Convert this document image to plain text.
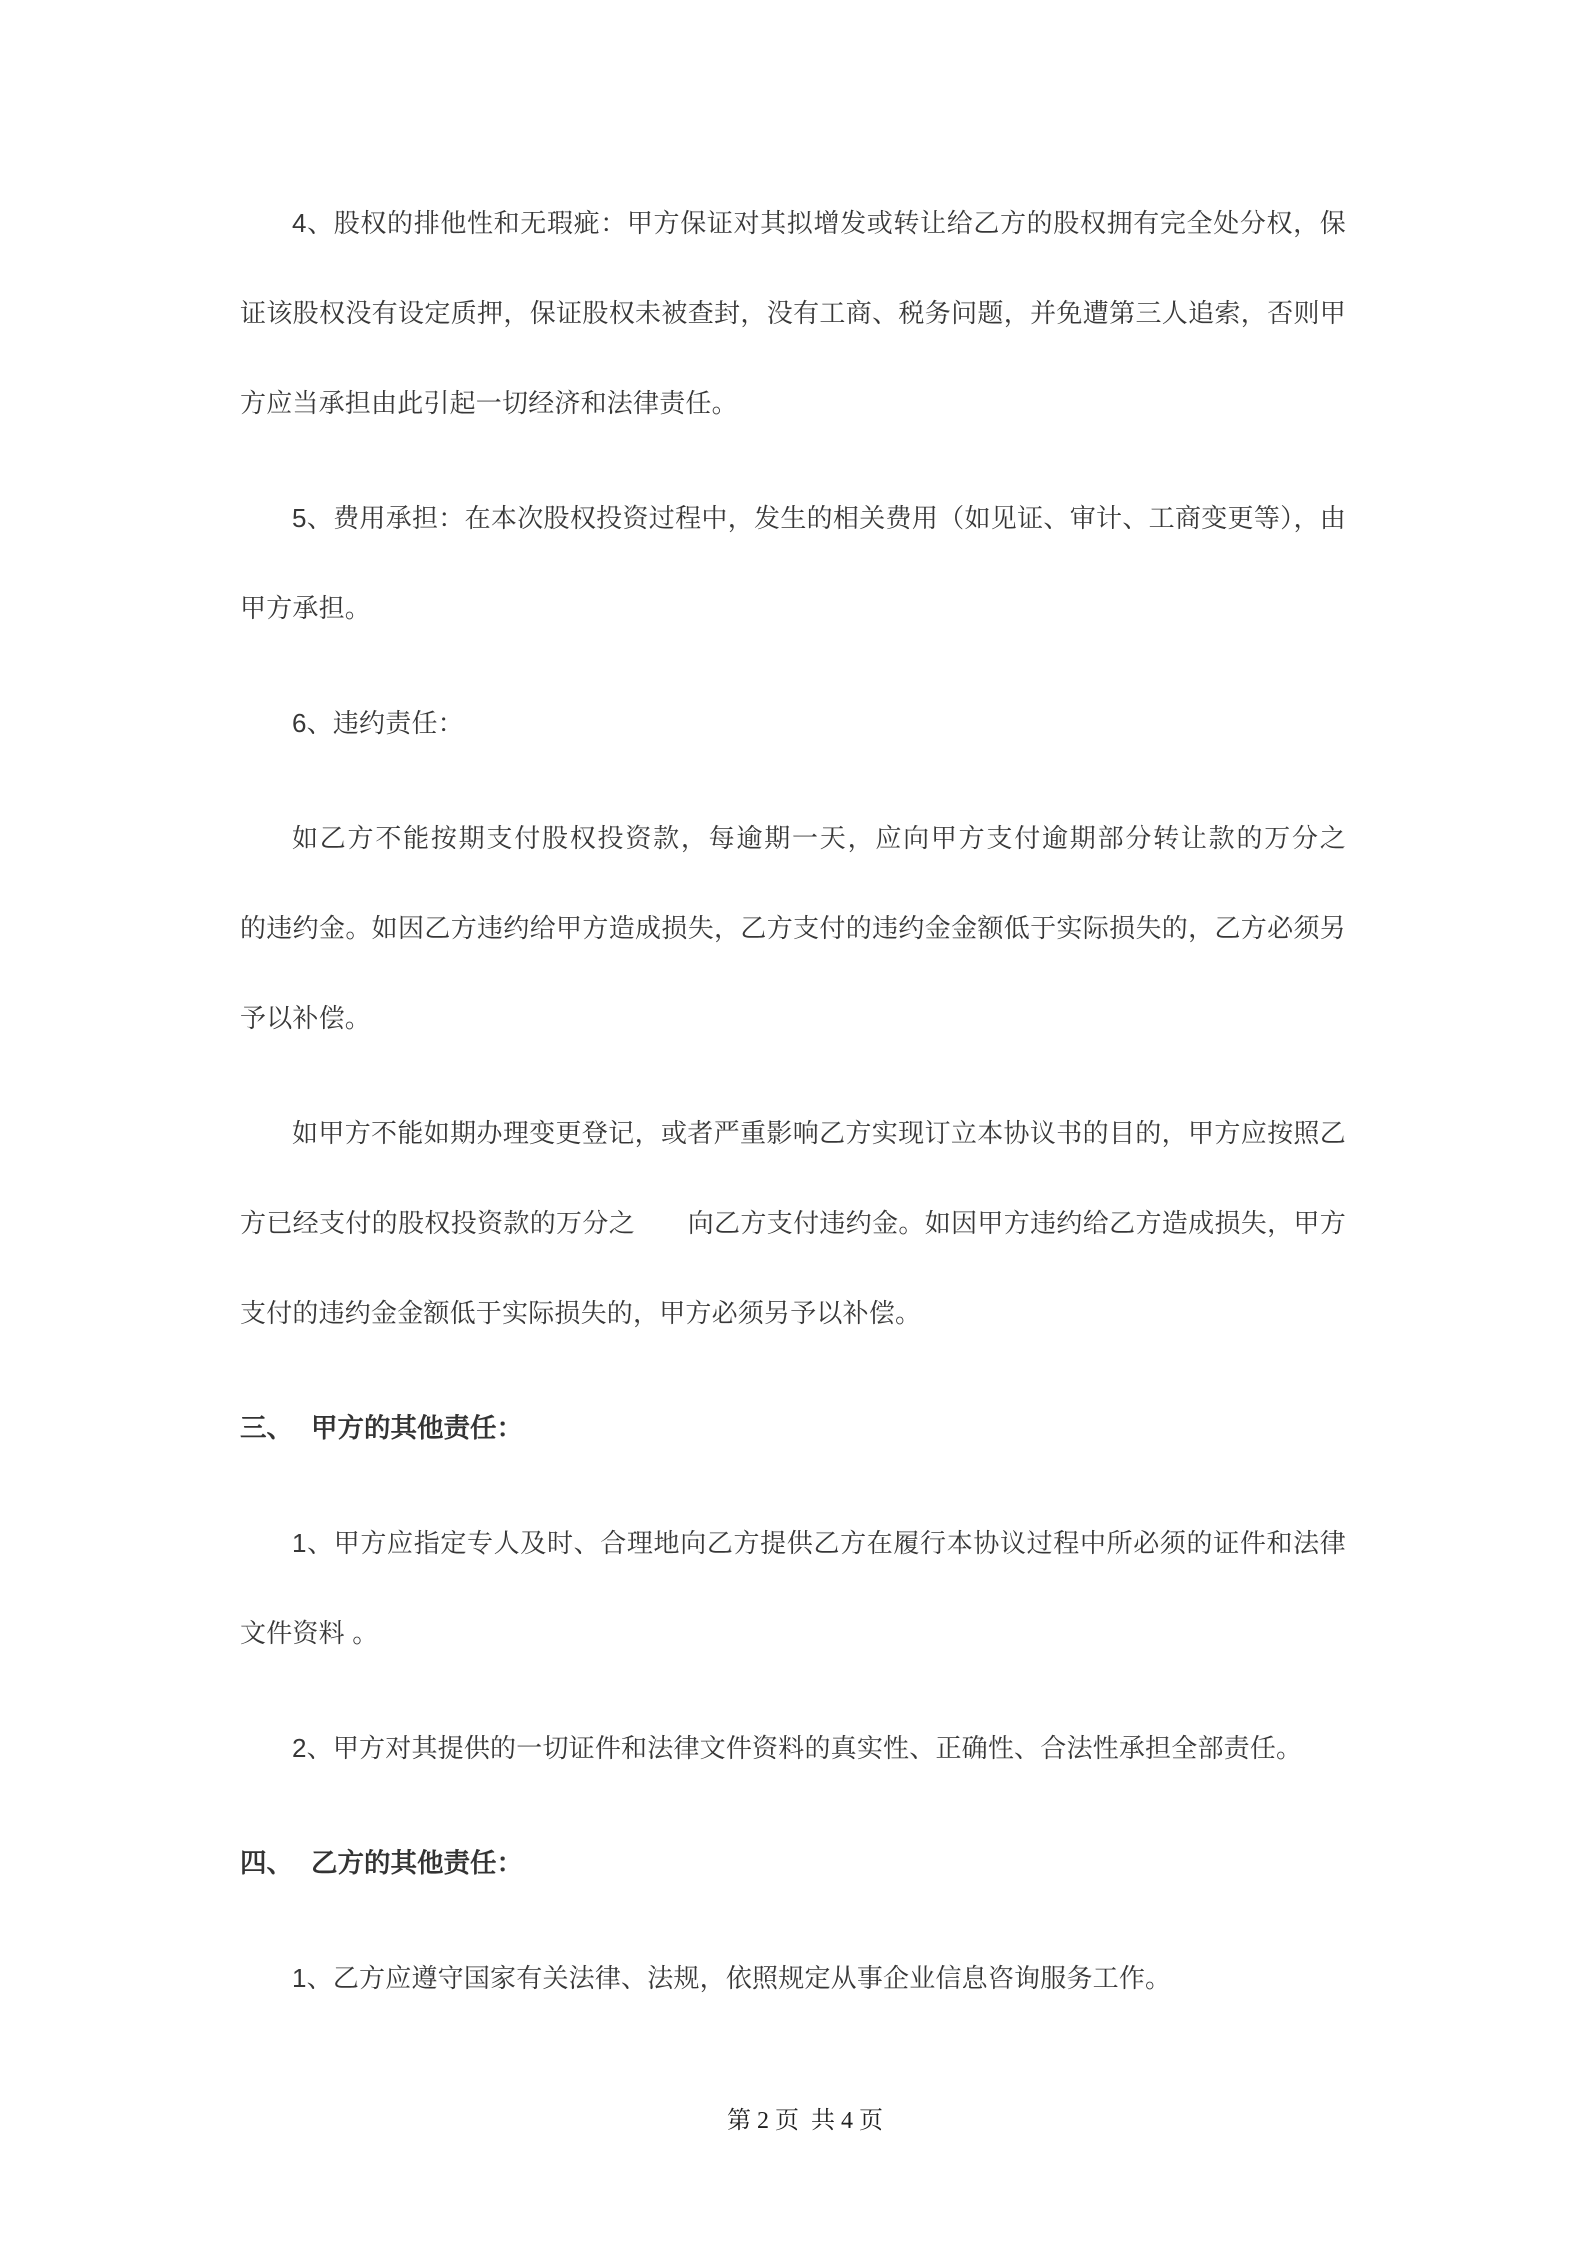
4、股权的排他性和无瑕疵：甲方保证对其拟增发或转让给乙方的股权拥有完全处分权，保证该股权没有设定质押，保证股权未被查封，没有工商、税务问题，并免遭第三人追索，否则甲方应当承担由此引起一切经济和法律责任。

5、费用承担：在本次股权投资过程中，发生的相关费用（如见证、审计、工商变更等），由甲方承担。

6、违约责任：

如乙方不能按期支付股权投资款，每逾期一天，应向甲方支付逾期部分转让款的万分之　 的违约金。如因乙方违约给甲方造成损失，乙方支付的违约金金额低于实际损失的，乙方必须另予以补偿。

如甲方不能如期办理变更登记，或者严重影响乙方实现订立本协议书的目的，甲方应按照乙方已经支付的股权投资款的万分之　　向乙方支付违约金。如因甲方违约给乙方造成损失，甲方支付的违约金金额低于实际损失的，甲方必须另予以补偿。

三、 甲方的其他责任：

1、甲方应指定专人及时、合理地向乙方提供乙方在履行本协议过程中所必须的证件和法律文件资料 。

2、甲方对其提供的一切证件和法律文件资料的真实性、正确性、合法性承担全部责任。

四、 乙方的其他责任：

1、乙方应遵守国家有关法律、法规，依照规定从事企业信息咨询服务工作。

第 2 页  共 4 页
